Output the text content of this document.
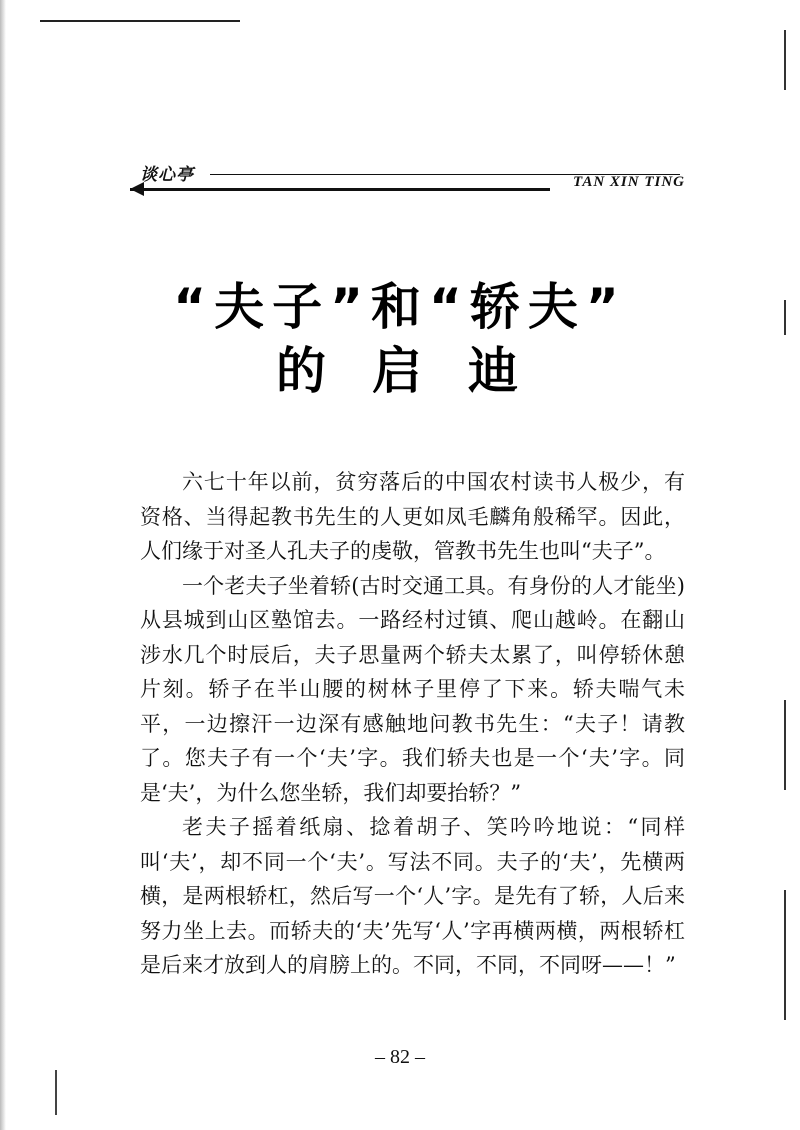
谈心亭	TAN XIN TING
“夫子”和“轿夫”
的启迪

六七十年以前，贫穷落后的中国农村读书人极少，有资格、当得起教书先生的人更如凤毛麟角般稀罕。因此，人们缘于对圣人孔夫子的虔敬，管教书先生也叫“夫子”。

一个老夫子坐着轿(古时交通工具。有身份的人才能坐)从县城到山区塾馆去。一路经村过镇、爬山越岭。在翻山涉水几个时辰后，夫子思量两个轿夫太累了，叫停轿休憩片刻。轿子在半山腰的树林子里停了下来。轿夫喘气未平，一边擦汗一边深有感触地问教书先生：“夫子！请教了。您夫子有一个‘夫’字。我们轿夫也是一个‘夫’字。同是‘夫’，为什么您坐轿，我们却要抬轿？”

老夫子摇着纸扇、捻着胡子、笑吟吟地说：“同样叫‘夫’，却不同一个‘夫’。写法不同。夫子的‘夫’，先横两横，是两根轿杠，然后写一个‘人’字。是先有了轿，人后来努力坐上去。而轿夫的‘夫’先写‘人’字再横两横，两根轿杠是后来才放到人的肩膀上的。不同，不同，不同呀——！”

– 82 –
